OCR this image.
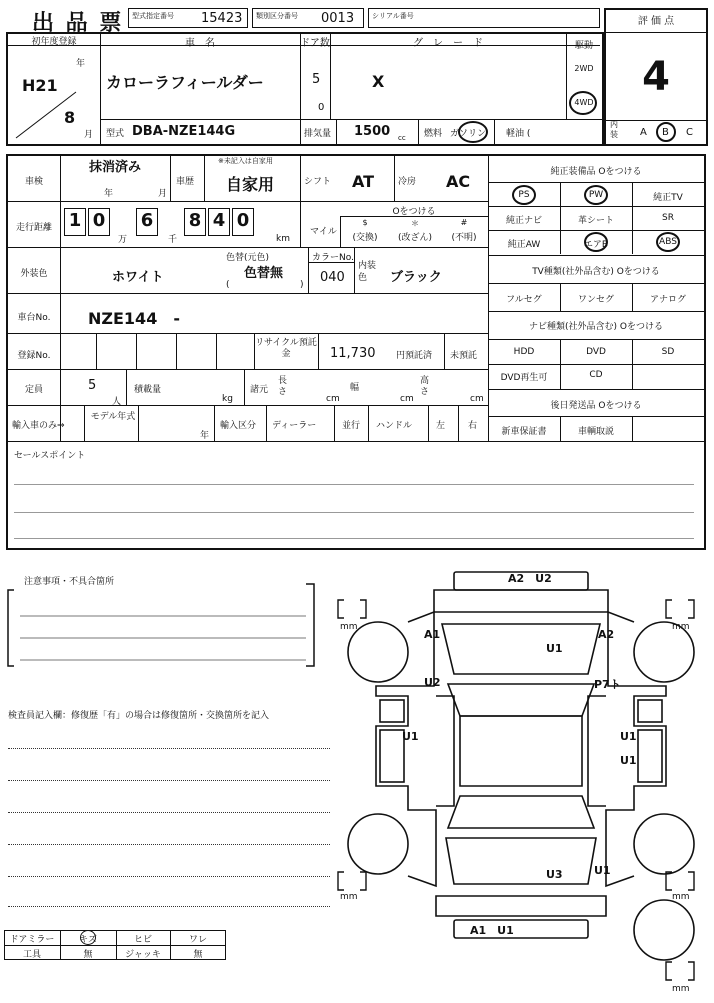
出 品 票 型式指定番号 15423 類別区分番号 0013	シリアル番号	評 価 点
4
初年度登録
H21
年
8
月
車　名
カローラフィールダー
ドア数
5
0
グ　レ　ー　ド
X
駆動
2WD
4WD
型式 DBA-NZE144G	排気量 1500 cc 燃料 ガソリン 軽油 (
内装	A B C
車検
抹消済み
年	月
車歴
※未記入は自家用
自家用	シフト AT	冷房 AC
走行距離 1 0
万
6
千
8 4 0
km
マイル
Oをつける
$
(交換)
＊
(改ざん)
#
(不明)
外装色	ホワイト
色替(元色)
色替無
(	)
カラーNo.
040
内装色	ブラック
車台No.	NZE144　-
登録No.
リサイクル預託金	11,730 円預託済 未預託
定員	5
人
積載量
kg
諸元
長さ
cm
幅
cm
高さ
cm
輸入車のみ⇒
モデル年式
年
輸入区分 ディーラー	並行 ハンドル	左	右
純正装備品 Oをつける
PS	PW	純正TV
純正ナビ	革シート	SR
純正AW	エアB	ABS
TV種類(社外品含む) Oをつける
フルセグ	ワンセグ	アナログ
ナビ種類(社外品含む) Oをつける
HDD	DVD	SD
DVD再生可	CD
後日発送品 Oをつける
新車保証書	車輌取説
セールスポイント
注意事項・不具合箇所
検査員記入欄：修復歴「有」の場合は修復箇所・交換箇所を記入
ドアミラー	キズ	ヒビ	ワレ
工具	無	ジャッキ	無
mm	mm
mm	mm
mm
A2　U2
A1	A2
U1
U2	P7ト
U1	U1
U1
U1
U3
A1　U1
